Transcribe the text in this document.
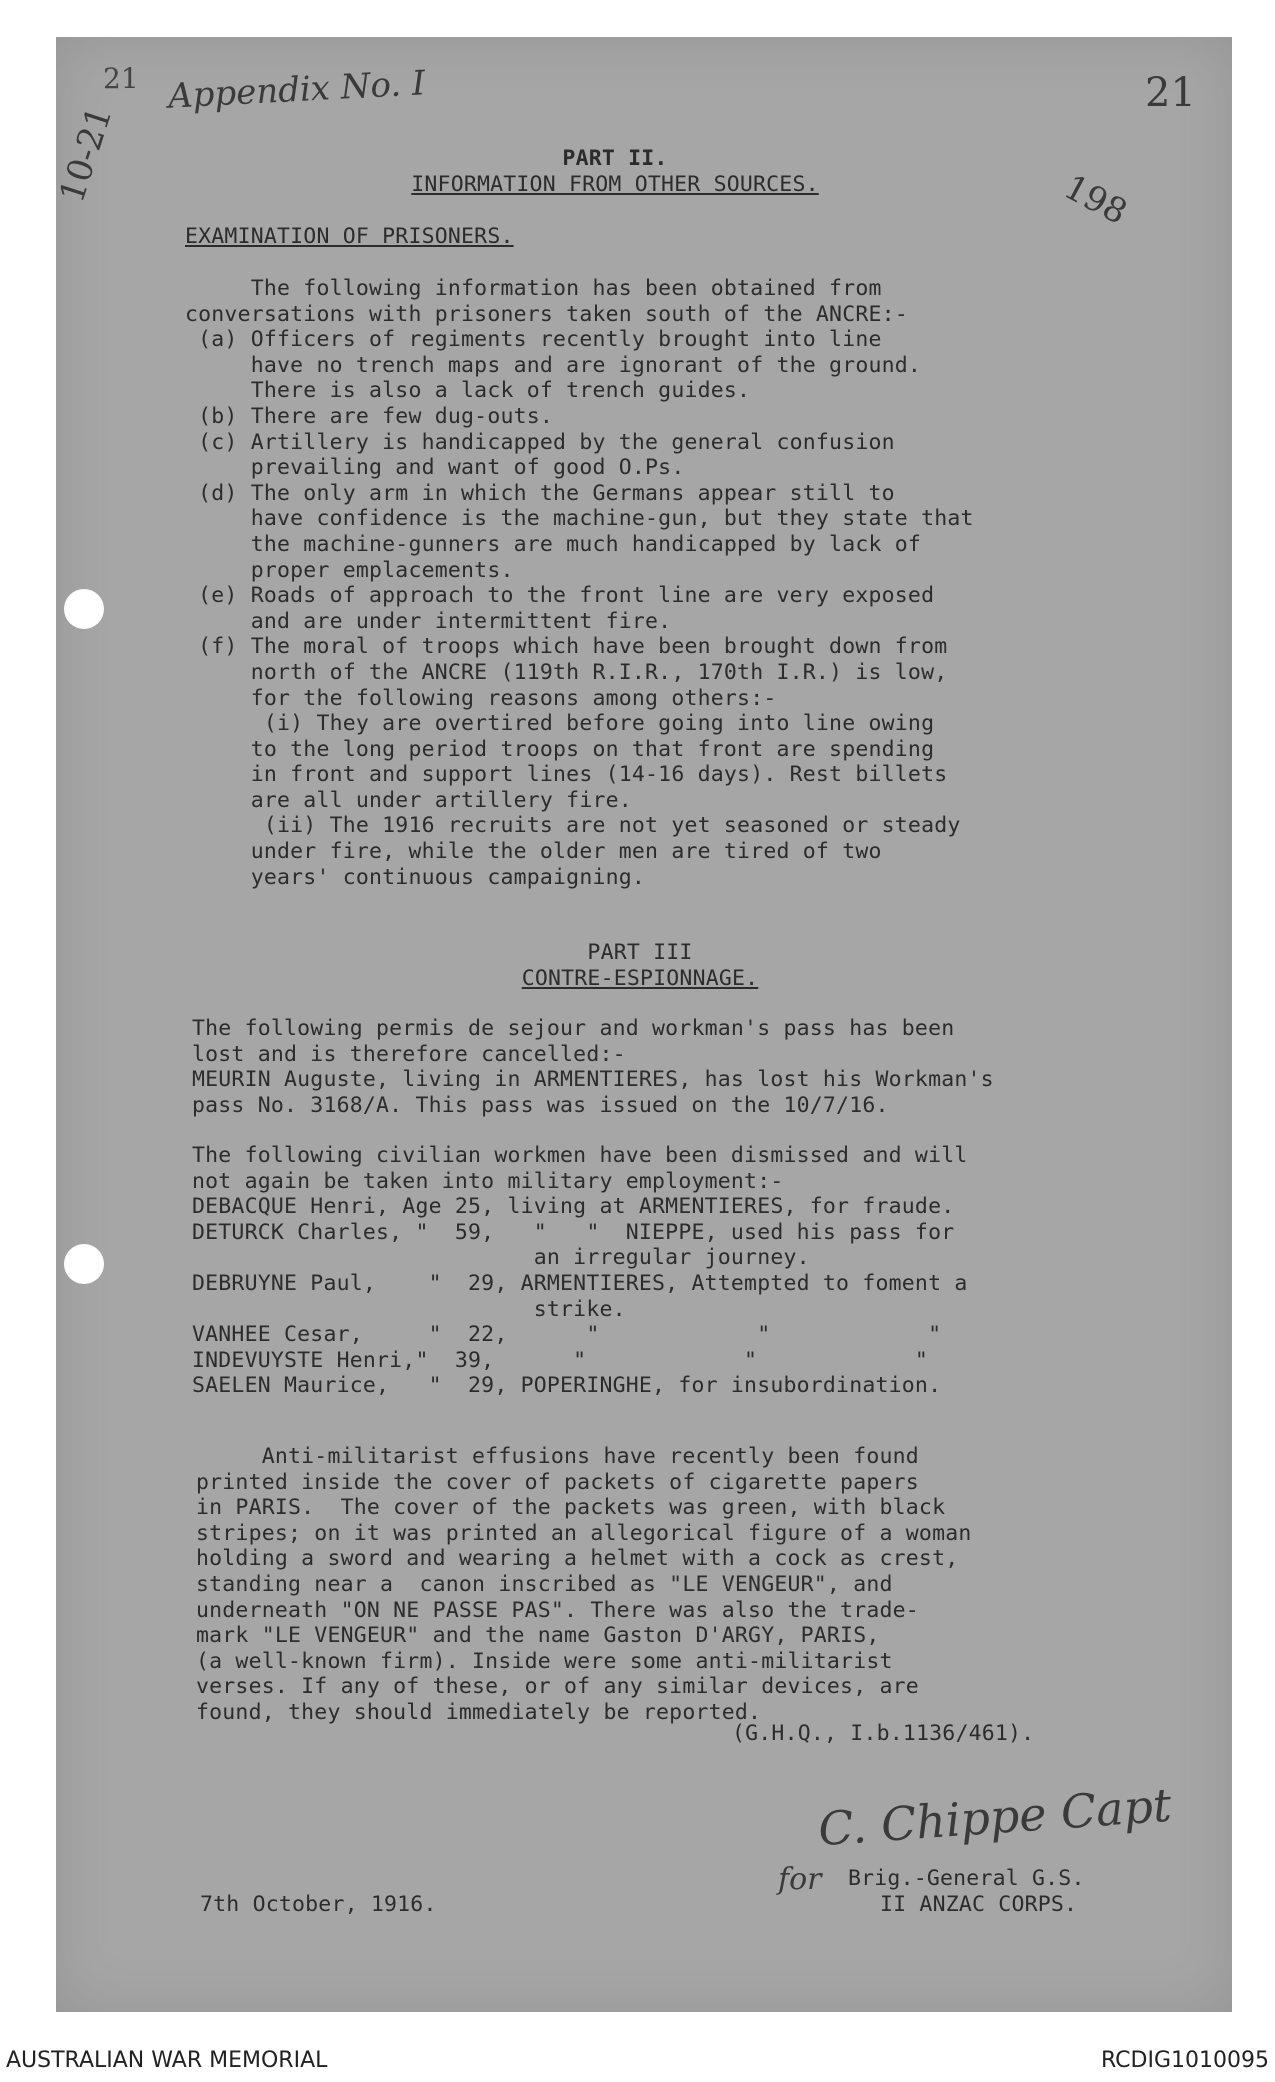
21 Appendix No. I	21
198
10-21	PART II.
INFORMATION FROM OTHER SOURCES.
EXAMINATION OF PRISONERS.
The following information has been obtained from
conversations with prisoners taken south of the ANCRE:-
(a) Officers of regiments recently brought into line
have no trench maps and are ignorant of the ground.
There is also a lack of trench guides.
(b) There are few dug-outs.
(c) Artillery is handicapped by the general confusion
prevailing and want of good O.Ps.
(d) The only arm in which the Germans appear still to
have confidence is the machine-gun, but they state that
the machine-gunners are much handicapped by lack of
proper emplacements.
(e) Roads of approach to the front line are very exposed
and are under intermittent fire.
(f) The moral of troops which have been brought down from
north of the ANCRE (119th R.I.R., 170th I.R.) is low,
for the following reasons among others:-
(i) They are overtired before going into line owing
to the long period troops on that front are spending
in front and support lines (14-16 days). Rest billets
are all under artillery fire.
(ii) The 1916 recruits are not yet seasoned or steady
under fire, while the older men are tired of two
years' continuous campaigning.
PART III
CONTRE-ESPIONNAGE.
The following permis de sejour and workman's pass has been
lost and is therefore cancelled:-
MEURIN Auguste, living in ARMENTIERES, has lost his Workman's
pass No. 3168/A. This pass was issued on the 10/7/16.
The following civilian workmen have been dismissed and will
not again be taken into military employment:-
DEBACQUE Henri, Age 25, living at ARMENTIERES, for fraude.
DETURCK Charles, "  59,   "   "  NIEPPE, used his pass for
an irregular journey.
DEBRUYNE Paul,    "  29, ARMENTIERES, Attempted to foment a
strike.
VANHEE Cesar,     "  22,      "            "            "
INDEVUYSTE Henri,"  39,      "            "            "
SAELEN Maurice,   "  29, POPERINGHE, for insubordination.
Anti-militarist effusions have recently been found
printed inside the cover of packets of cigarette papers
in PARIS.  The cover of the packets was green, with black
stripes; on it was printed an allegorical figure of a woman
holding a sword and wearing a helmet with a cock as crest,
standing near a  canon inscribed as "LE VENGEUR", and
underneath "ON NE PASSE PAS". There was also the trade-
mark "LE VENGEUR" and the name Gaston D'ARGY, PARIS,
(a well-known firm). Inside were some anti-militarist
verses. If any of these, or of any similar devices, are
found, they should immediately be reported.
(G.H.Q., I.b.1136/461).
C. Chippe Capt
for
7th October, 1916.
Brig.-General G.S.
II ANZAC CORPS.
AUSTRALIAN WAR MEMORIAL	RCDIG1010095
